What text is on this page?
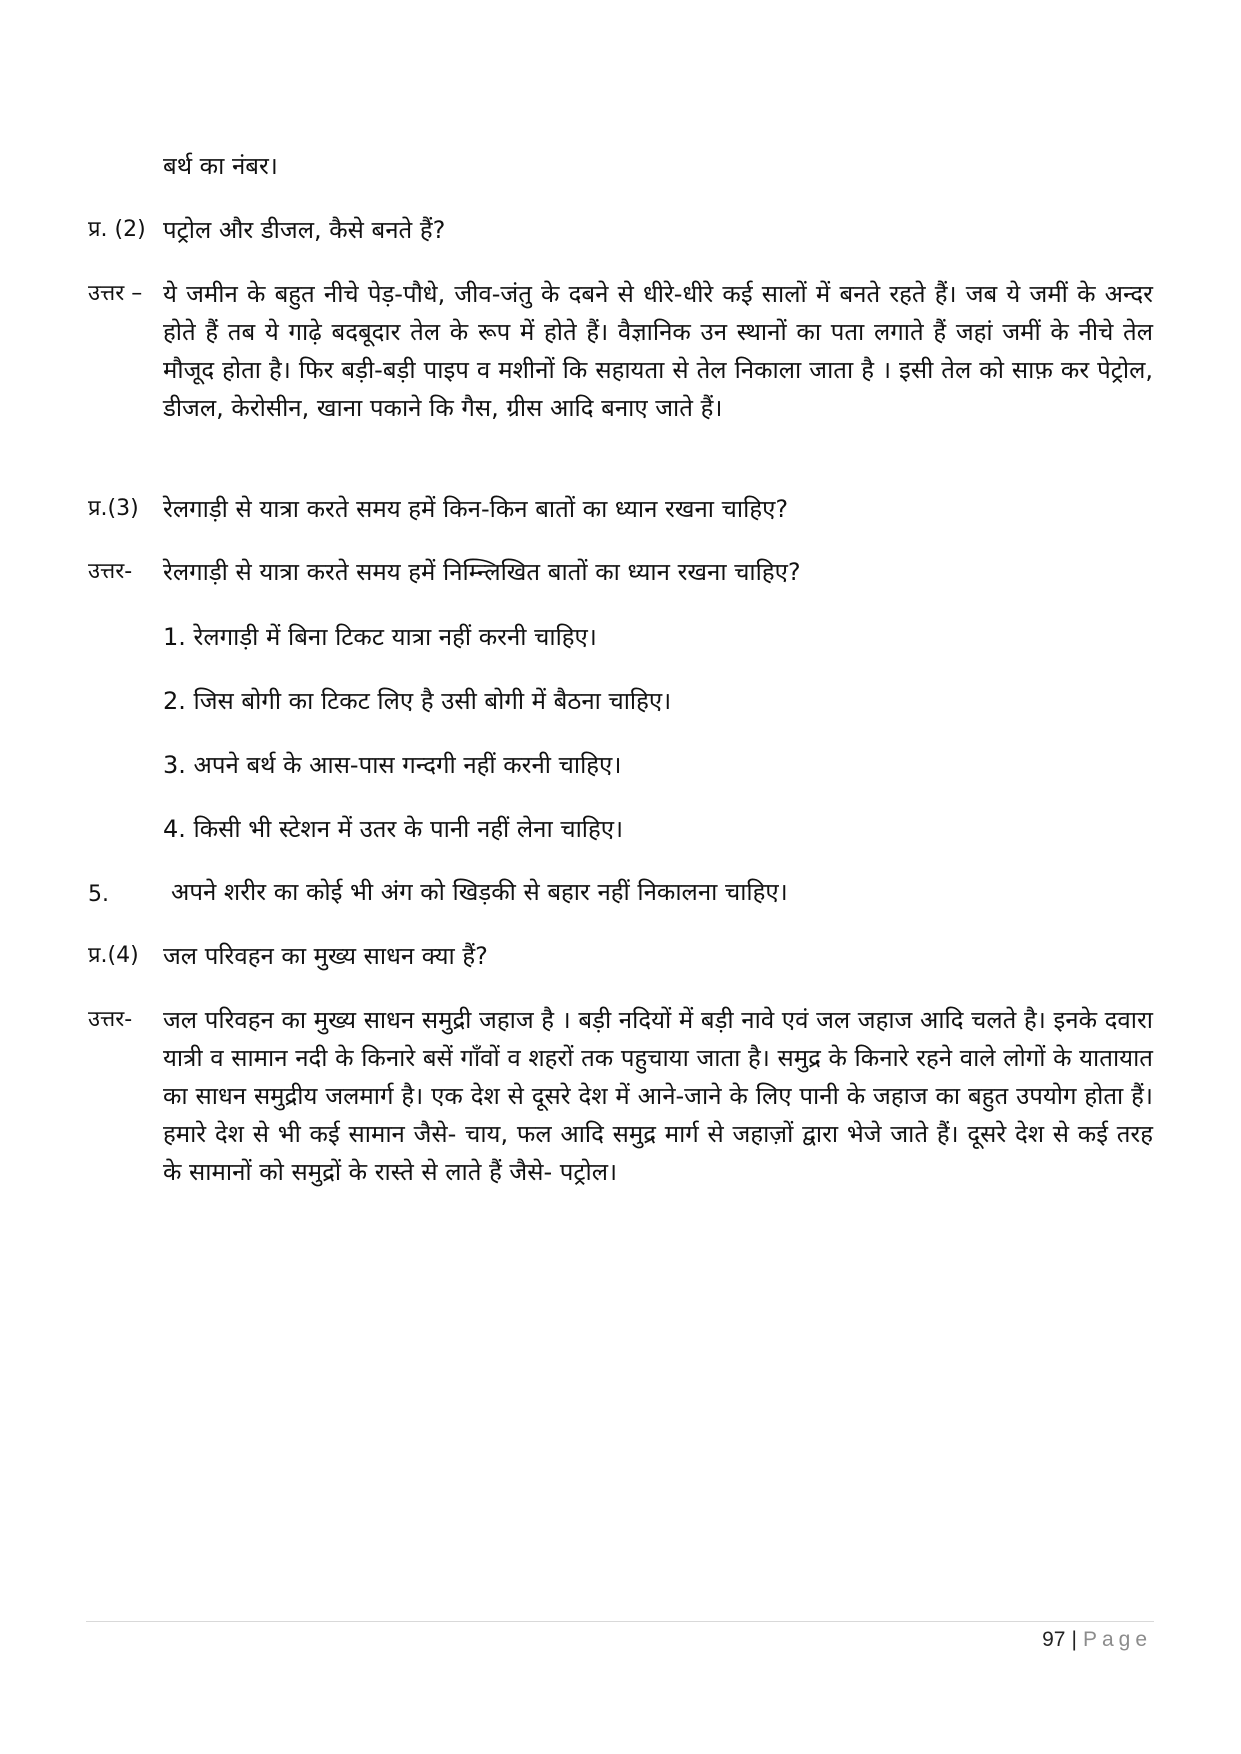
बर्थ का नंबर।
प्र. (2) पट्रोल और डीजल, कैसे बनते हैं?
उत्तर – ये जमीन के बहुत नीचे पेड़-पौधे, जीव-जंतु के दबने से धीरे-धीरे कई सालों में बनते रहते हैं। जब ये जमीं के अन्दर होते हैं तब ये गाढ़े बदबूदार तेल के रूप में होते हैं। वैज्ञानिक उन स्थानों का पता लगाते हैं जहां जमीं के नीचे तेल मौजूद होता है। फिर बड़ी-बड़ी पाइप व मशीनों कि सहायता से तेल निकाला जाता है । इसी तेल को साफ़ कर पेट्रोल, डीजल, केरोसीन, खाना पकाने कि गैस, ग्रीस आदि बनाए जाते हैं।
प्र.(3) रेलगाड़ी से यात्रा करते समय हमें किन-किन बातों का ध्यान रखना चाहिए?
उत्तर- रेलगाड़ी से यात्रा करते समय हमें निम्न्लिखित बातों का ध्यान रखना चाहिए?
1. रेलगाड़ी में बिना टिकट यात्रा नहीं करनी चाहिए।
2. जिस बोगी का टिकट लिए है उसी बोगी में बैठना चाहिए।
3. अपने बर्थ के आस-पास गन्दगी नहीं करनी चाहिए।
4. किसी भी स्टेशन में उतर के पानी नहीं लेना चाहिए।
5.	अपने शरीर का कोई भी अंग को खिड़की से बहार नहीं निकालना चाहिए।
प्र.(4) जल परिवहन का मुख्य साधन क्या हैं?
उत्तर- जल परिवहन का मुख्य साधन समुद्री जहाज है । बड़ी नदियों में बड़ी नावे एवं जल जहाज आदि चलते है। इनके दवारा यात्री व सामान नदी के किनारे बसें गाँवों व शहरों तक पहुचाया जाता है। समुद्र के किनारे रहने वाले लोगों के यातायात का साधन समुद्रीय जलमार्ग है। एक देश से दूसरे देश में आने-जाने के लिए पानी के जहाज का बहुत उपयोग होता हैं। हमारे देश से भी कई सामान जैसे- चाय, फल आदि समुद्र मार्ग से जहाज़ों द्वारा भेजे जाते हैं। दूसरे देश से कई तरह के सामानों को समुद्रों के रास्ते से लाते हैं जैसे- पट्रोल।
97 | Page
